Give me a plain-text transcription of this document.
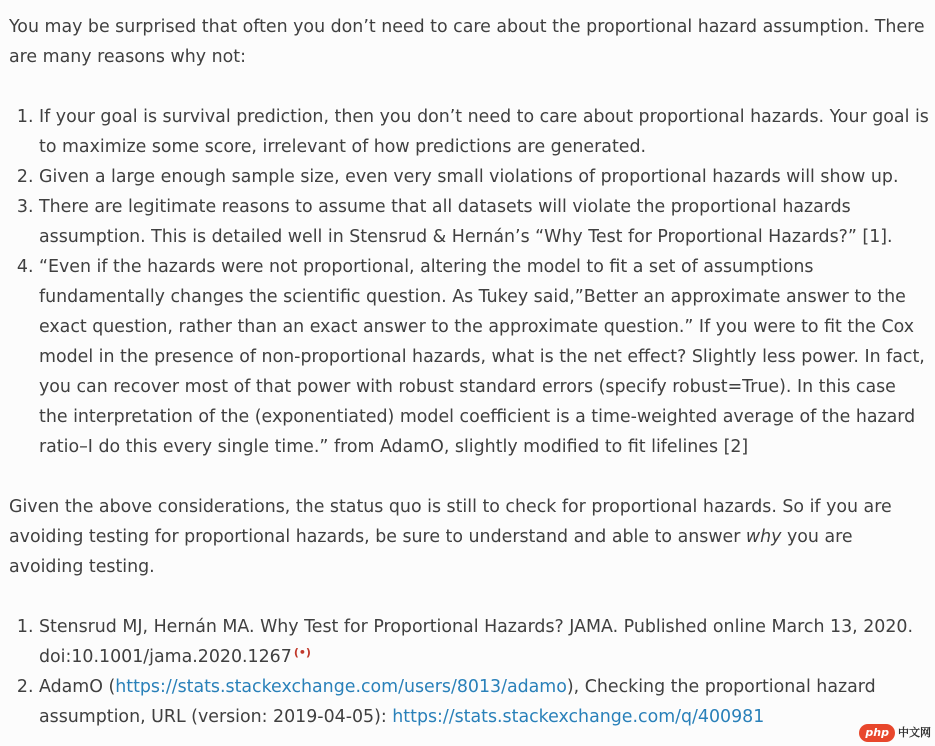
You may be surprised that often you don’t need to care about the proportional hazard assumption. There are many reasons why not:

1. If your goal is survival prediction, then you don’t need to care about proportional hazards. Your goal is to maximize some score, irrelevant of how predictions are generated.
2. Given a large enough sample size, even very small violations of proportional hazards will show up.
3. There are legitimate reasons to assume that all datasets will violate the proportional hazards assumption. This is detailed well in Stensrud & Hernán’s “Why Test for Proportional Hazards?” [1].
4. “Even if the hazards were not proportional, altering the model to fit a set of assumptions fundamentally changes the scientific question. As Tukey said,”Better an approximate answer to the exact question, rather than an exact answer to the approximate question.” If you were to fit the Cox model in the presence of non-proportional hazards, what is the net effect? Slightly less power. In fact, you can recover most of that power with robust standard errors (specify robust=True). In this case the interpretation of the (exponentiated) model coefficient is a time-weighted average of the hazard ratio–I do this every single time.” from AdamO, slightly modified to fit lifelines [2]

Given the above considerations, the status quo is still to check for proportional hazards. So if you are avoiding testing for proportional hazards, be sure to understand and able to answer why you are avoiding testing.

1. Stensrud MJ, Hernán MA. Why Test for Proportional Hazards? JAMA. Published online March 13, 2020. doi:10.1001/jama.2020.1267 (•)
2. AdamO (https://stats.stackexchange.com/users/8013/adamo), Checking the proportional hazard assumption, URL (version: 2019-04-05): https://stats.stackexchange.com/q/400981
php 中文网
